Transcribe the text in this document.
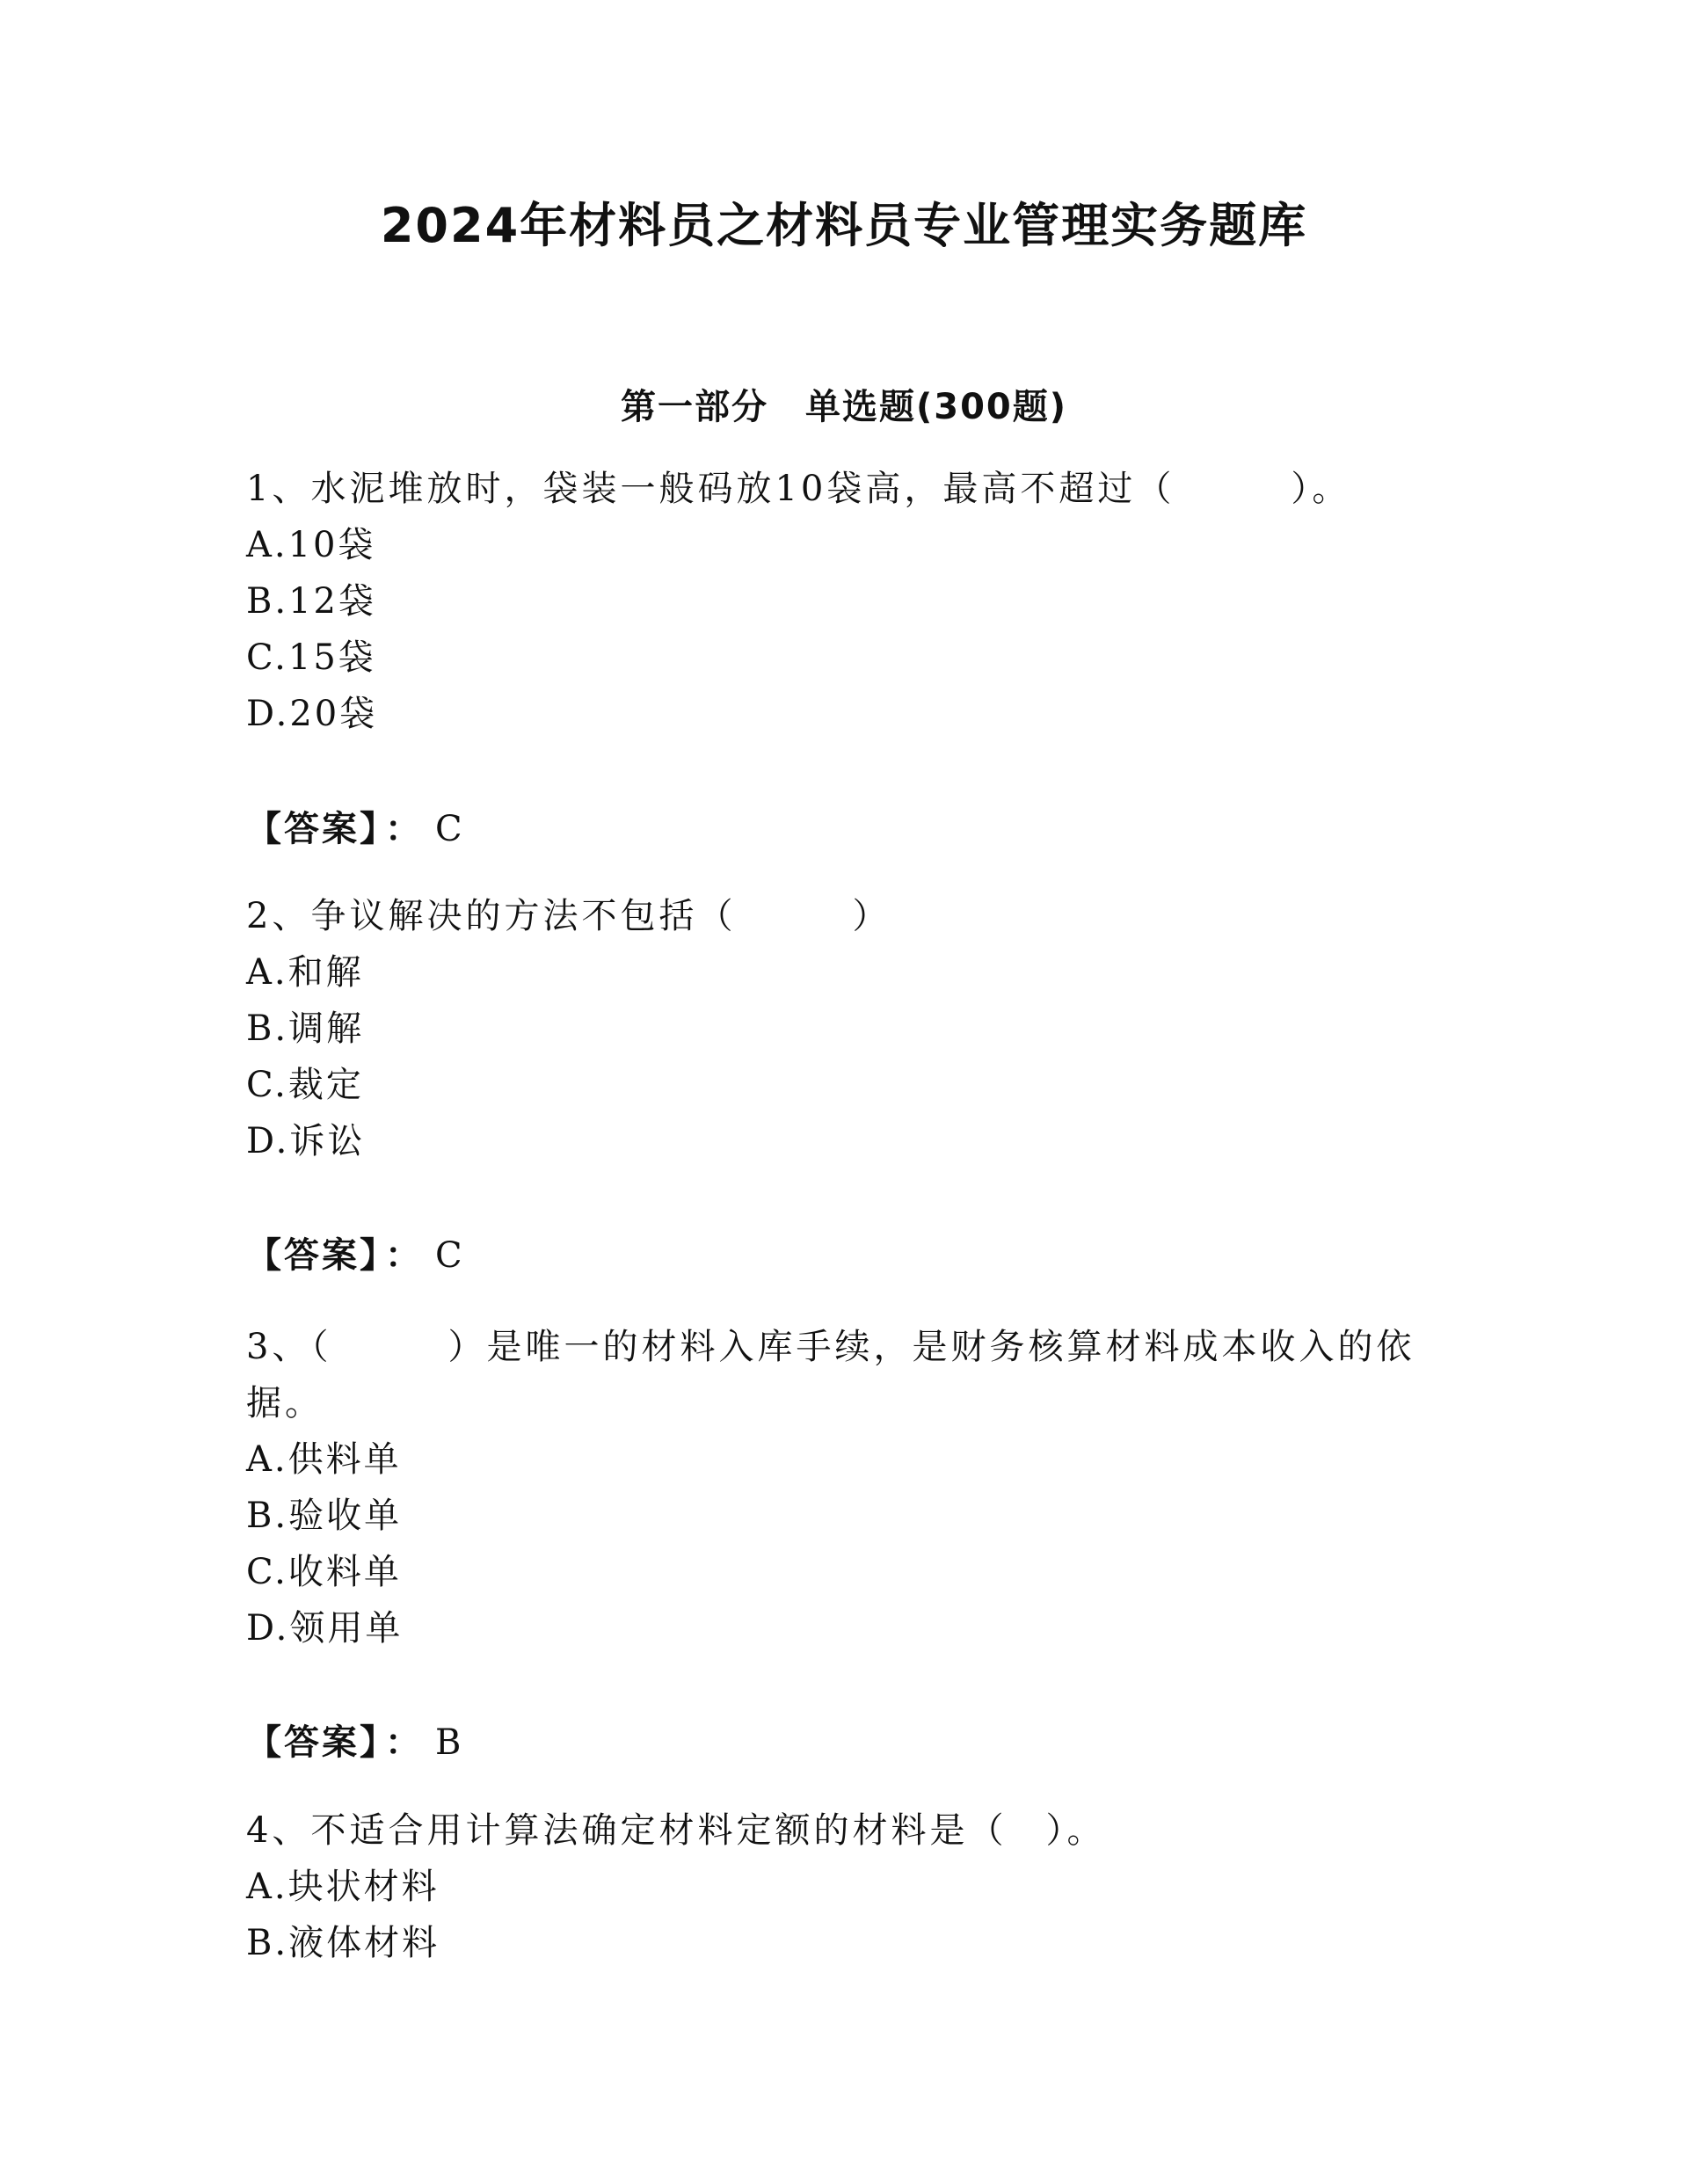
2024年材料员之材料员专业管理实务题库
第一部分　单选题(300题)
1、水泥堆放时，袋装一般码放10袋高，最高不超过（　　　）。
A.10袋
B.12袋
C.15袋
D.20袋
【答案】 ： C
2、争议解决的方法不包括（　　　）
A.和解
B.调解
C.裁定
D.诉讼
【答案】 ： C
3、（　　　）是唯一的材料入库手续，是财务核算材料成本收入的依据。
A.供料单
B.验收单
C.收料单
D.领用单
【答案】 ： B
4、不适合用计算法确定材料定额的材料是（　）。
A.块状材料
B.液体材料
